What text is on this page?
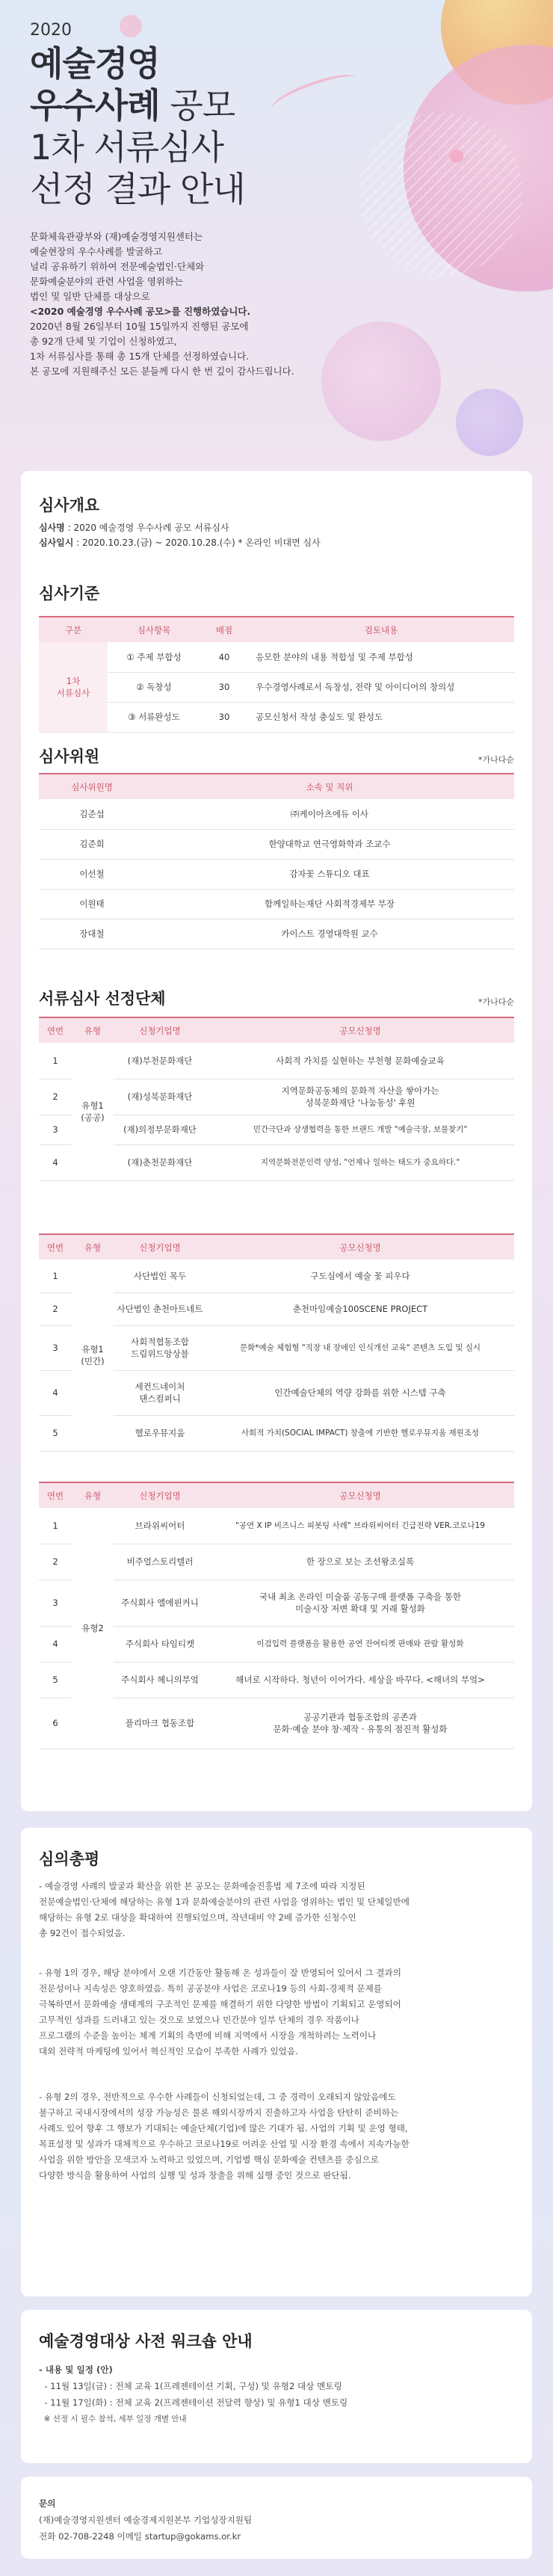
2020
예술경영
우수사례 공모
1차 서류심사
선정 결과 안내
문화체육관광부와 (재)예술경영지원센터는
예술현장의 우수사례를 발굴하고
널리 공유하기 위하여 전문예술법인·단체와
문화예술분야의 관련 사업을 영위하는
법인 및 일반 단체를 대상으로
<2020 예술경영 우수사례 공모>를 진행하였습니다.
2020년 8월 26일부터 10월 15일까지 진행된 공모에
총 92개 단체 및 기업이 신청하였고,
1차 서류심사를 통해 총 15개 단체를 선정하였습니다.
본 공모에 지원해주신 모든 분들께 다시 한 번 깊이 감사드립니다.
심사개요
심사명 : 2020 예술경영 우수사례 공모 서류심사
심사일시 : 2020.10.23.(금) ~ 2020.10.28.(수) * 온라인 비대면 심사
심사기준
구분	심사항목	배점	검토내용
1차
서류심사	① 주제 부합성	40	응모한 분야의 내용 적합성 및 주제 부합성
	② 독창성	30	우수경영사례로서 독창성, 전략 및 아이디어의 창의성
	③ 서류완성도	30	공모신청서 작성 충실도 및 완성도
심사위원	*가나다순
심사위원명	소속 및 직위
김준섭	㈜케이아츠에듀 이사
김준희	한양대학교 연극영화학과 조교수
이선철	감자꽃 스튜디오 대표
이원태	함께일하는재단 사회적경제부 부장
장대철	카이스트 경영대학원 교수
서류심사 선정단체	*가나다순
연번	유형	신청기업명	공모신청명
1	유형1
(공공)	(재)부천문화재단	사회적 가치를 실현하는 부천형 문화예술교육
2		(재)성북문화재단	지역문화공동체의 문화적 자산을 쌓아가는
성북문화재단 '나눔동성' 후원
3		(재)의정부문화재단	민간극단과 상생협력을 통한 브랜드 개발 "예술극장, 보물찾기"
4		(재)춘천문화재단	지역문화전문인력 양성, "언제나 일하는 태도가 중요하다."
연번	유형	신청기업명	공모신청명
1	유형1
(민간)	사단법인 목두	구도심에서 예술 꽃 피우다
2		사단법인 춘천아트네트	춘천마임예술100SCENE PROJECT
3		사회적협동조합
드림위드앙상블	문화*예술 체험형 "직장 내 장애인 인식개선 교육" 콘텐츠 도입 및 실시
4		세컨드네이처
댄스컴퍼니	인간예술단체의 역량 강화를 위한 시스템 구축
5		헬로우뮤지움	사회적 가치(SOCIAL IMPACT) 창출에 기반한 헬로우뮤지움 재원조성
연번	유형	신청기업명	공모신청명
1	유형2	브라위씨어터	"공연 X IP 비즈니스 피봇팅 사례" 브라위씨어터 긴급전략 VER.코로나19
2		비주얼스토리텔러	한 장으로 보는 조선왕조실록
3		주식회사 엘에핀커니	국내 최초 온라인 미술품 공동구매 플랫폼 구축을 통한
미술시장 저변 확대 및 거래 활성화
4		주식회사 타임티켓	이검입력 플랫폼을 활용한 공연 잔여티켓 판매와 관람 활성화
5		주식회사 헤니의부엌	해녀로 시작하다. 청년이 이어가다. 세상을 바꾸다. <해녀의 부엌>
6		플리마크 협동조합	공공기관과 협동조합의 공존과
문화·예술 분야 창·제작 · 유통의 점진적 활성화
심의총평
- 예술경영 사례의 발굴과 확산을 위한 본 공모는 문화예술진흥법 제 7조에 따라 지정된
전문예술법인·단체에 해당하는 유형 1과 문화예술분야의 관련 사업을 영위하는 법인 및 단체일반에
해당하는 유형 2로 대상을 확대하여 진행되었으며, 작년대비 약 2배 증가한 신청수인
총 92건이 접수되었음.
- 유형 1의 경우, 해당 분야에서 오랜 기간동안 활동해 온 성과들이 잘 반영되어 있어서 그 결과의
전문성이나 지속성은 양호하였음. 특히 공공분야 사업은 코로나19 등의 사회-경제적 문제를
극복하면서 문화예술 생태계의 구조적인 문제를 해결하기 위한 다양한 방법이 기획되고 운영되어
고무적인 성과를 드러내고 있는 것으로 보였으나 민간분야 일부 단체의 경우 작품이나
프로그램의 수준을 높이는 체계 기획의 측면에 비해 지역에서 시장을 개척하려는 노력이나
대외 전략적 마케팅에 있어서 혁신적인 모습이 부족한 사례가 있었음.
- 유형 2의 경우, 전반적으로 우수한 사례들이 신청되었는데, 그 중 경력이 오래되지 않았음에도
불구하고 국내시장에서의 성장 가능성은 물론 해외시장까지 진출하고자 사업을 탄탄히 준비하는
사례도 있어 향후 그 행보가 기대되는 예술단체(기업)에 많은 기대가 됨. 사업의 기획 및 운영 형태,
목표설정 및 성과가 대체적으로 우수하고 코로나19로 어려운 산업 및 시장 환경 속에서 지속가능한
사업을 위한 방안을 모색코자 노력하고 있었으며, 기업별 핵심 문화예술 컨텐츠를 중심으로
다양한 방식을 활용하여 사업의 실행 및 성과 창출을 위해 실행 중인 것으로 판단됨.
예술경영대상 사전 워크숍 안내
- 내용 및 일정 (안)
- 11월 13일(금) : 전체 교육 1(프레젠테이션 기획, 구성) 및 유형2 대상 멘토링
- 11월 17일(화) : 전체 교육 2(프레젠테이션 전달력 향상) 및 유형1 대상 멘토링
※ 선정 시 필수 참석, 세부 일정 개별 안내
문의
(재)예술경영지원센터 예술경제지원본부 기업성장지원팀
전화 02-708-2248 이메일 startup@gokams.or.kr
